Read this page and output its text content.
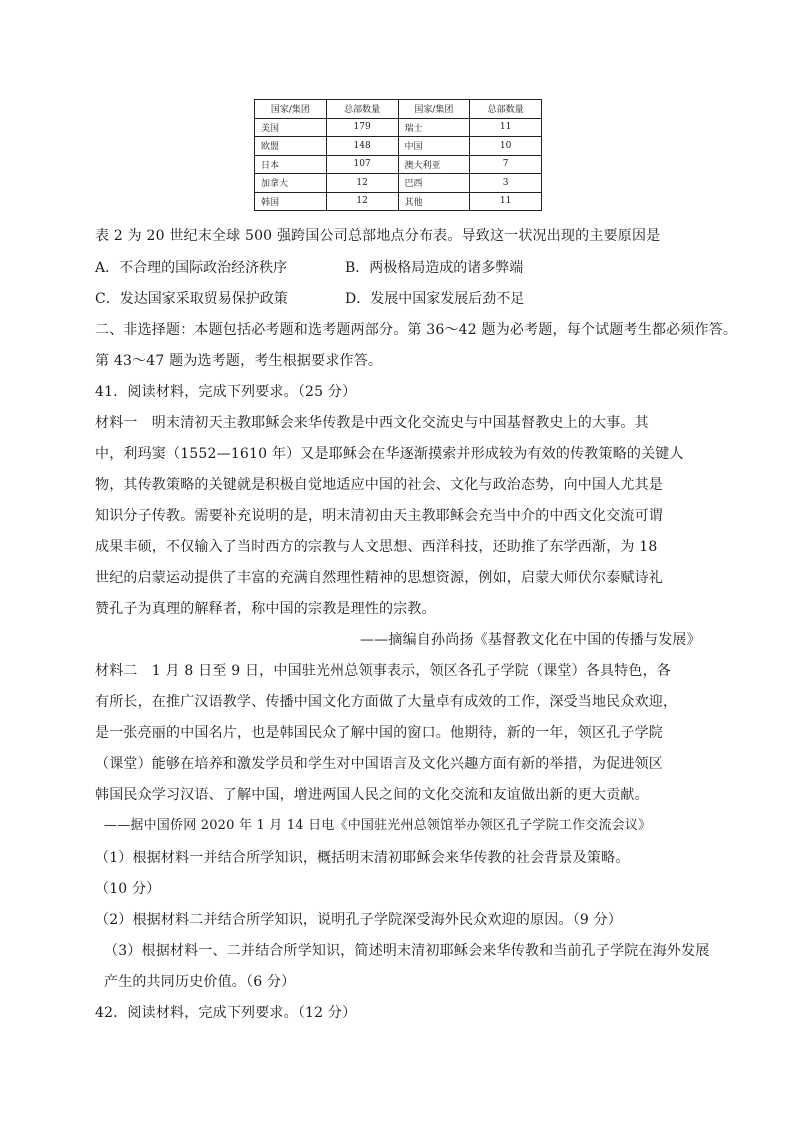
国家/集团	总部数量	国家/集团	总部数量
美国	179	瑞士	11
欧盟	148	中国	10
日本	107	澳大利亚	7
加拿大	12	巴西	3
韩国	12	其他	11
表 2 为 20 世纪末全球 500 强跨国公司总部地点分布表。导致这一状况出现的主要原因是
A．不合理的国际政治经济秩序	B．两极格局造成的诸多弊端
C．发达国家采取贸易保护政策	D．发展中国家发展后劲不足
二、非选择题：本题包括必考题和选考题两部分。第 36～42 题为必考题，每个试题考生都必须作答。
第 43～47 题为选考题，考生根据要求作答。
41．阅读材料，完成下列要求。（25 分）
材料一　明末清初天主教耶稣会来华传教是中西文化交流史与中国基督教史上的大事。其
中，利玛窦（1552—1610 年）又是耶稣会在华逐渐摸索并形成较为有效的传教策略的关键人
物，其传教策略的关键就是积极自觉地适应中国的社会、文化与政治态势，向中国人尤其是
知识分子传教。需要补充说明的是，明末清初由天主教耶稣会充当中介的中西文化交流可谓
成果丰硕，不仅输入了当时西方的宗教与人文思想、西洋科技，还助推了东学西渐，为 18
世纪的启蒙运动提供了丰富的充满自然理性精神的思想资源，例如，启蒙大师伏尔泰赋诗礼
赞孔子为真理的解释者，称中国的宗教是理性的宗教。
——摘编自孙尚扬《基督教文化在中国的传播与发展》
材料二　1 月 8 日至 9 日，中国驻光州总领事表示，领区各孔子学院（课堂）各具特色，各
有所长，在推广汉语教学、传播中国文化方面做了大量卓有成效的工作，深受当地民众欢迎，
是一张亮丽的中国名片，也是韩国民众了解中国的窗口。他期待，新的一年，领区孔子学院
（课堂）能够在培养和激发学员和学生对中国语言及文化兴趣方面有新的举措，为促进领区
韩国民众学习汉语、了解中国，增进两国人民之间的文化交流和友谊做出新的更大贡献。
——据中国侨网 2020 年 1 月 14 日电《中国驻光州总领馆举办领区孔子学院工作交流会议》
（1）根据材料一并结合所学知识，概括明末清初耶稣会来华传教的社会背景及策略。
（10 分）
（2）根据材料二并结合所学知识，说明孔子学院深受海外民众欢迎的原因。（9 分）
（3）根据材料一、二并结合所学知识，简述明末清初耶稣会来华传教和当前孔子学院在海外发展
产生的共同历史价值。（6 分）
42．阅读材料，完成下列要求。（12 分）
